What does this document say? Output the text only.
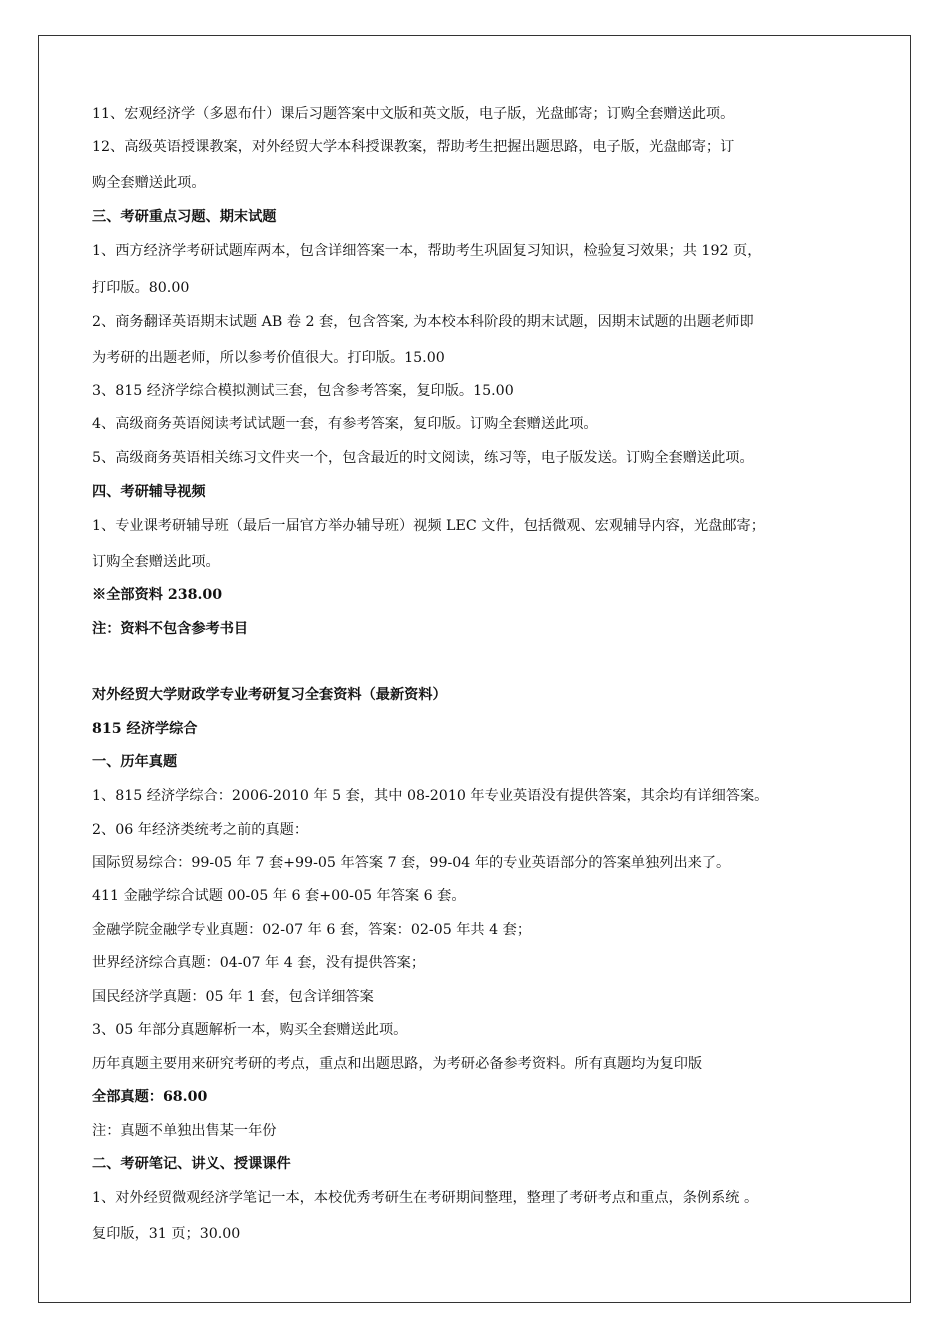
11、宏观经济学（多恩布什）课后习题答案中文版和英文版，电子版，光盘邮寄；订购全套赠送此项。
12、高级英语授课教案，对外经贸大学本科授课教案，帮助考生把握出题思路，电子版，光盘邮寄；订
购全套赠送此项。
三、考研重点习题、期末试题
1、西方经济学考研试题库两本，包含详细答案一本，帮助考生巩固复习知识，检验复习效果；共 192 页，
打印版。80.00
2、商务翻译英语期末试题 AB 卷 2 套，包含答案, 为本校本科阶段的期末试题，因期末试题的出题老师即
为考研的出题老师，所以参考价值很大。打印版。15.00
3、815 经济学综合模拟测试三套，包含参考答案，复印版。15.00
4、高级商务英语阅读考试试题一套，有参考答案，复印版。订购全套赠送此项。
5、高级商务英语相关练习文件夹一个，包含最近的时文阅读，练习等，电子版发送。订购全套赠送此项。
四、考研辅导视频
1、专业课考研辅导班（最后一届官方举办辅导班）视频 LEC 文件，包括微观、宏观辅导内容，光盘邮寄；
订购全套赠送此项。
※全部资料 238.00
注：资料不包含参考书目
对外经贸大学财政学专业考研复习全套资料（最新资料）
815 经济学综合
一、历年真题
1、815 经济学综合：2006-2010 年 5 套，其中 08-2010 年专业英语没有提供答案，其余均有详细答案。
2、06 年经济类统考之前的真题：
国际贸易综合：99-05 年 7 套+99-05 年答案 7 套，99-04 年的专业英语部分的答案单独列出来了。
411 金融学综合试题 00-05 年 6 套+00-05 年答案 6 套。
金融学院金融学专业真题：02-07 年 6 套，答案：02-05 年共 4 套；
世界经济综合真题：04-07 年 4 套，没有提供答案；
国民经济学真题：05 年 1 套，包含详细答案
3、05 年部分真题解析一本，购买全套赠送此项。
历年真题主要用来研究考研的考点，重点和出题思路，为考研必备参考资料。所有真题均为复印版
全部真题：68.00
注：真题不单独出售某一年份
二、考研笔记、讲义、授课课件
1、对外经贸微观经济学笔记一本，本校优秀考研生在考研期间整理，整理了考研考点和重点，条例系统 。
复印版，31 页；30.00
